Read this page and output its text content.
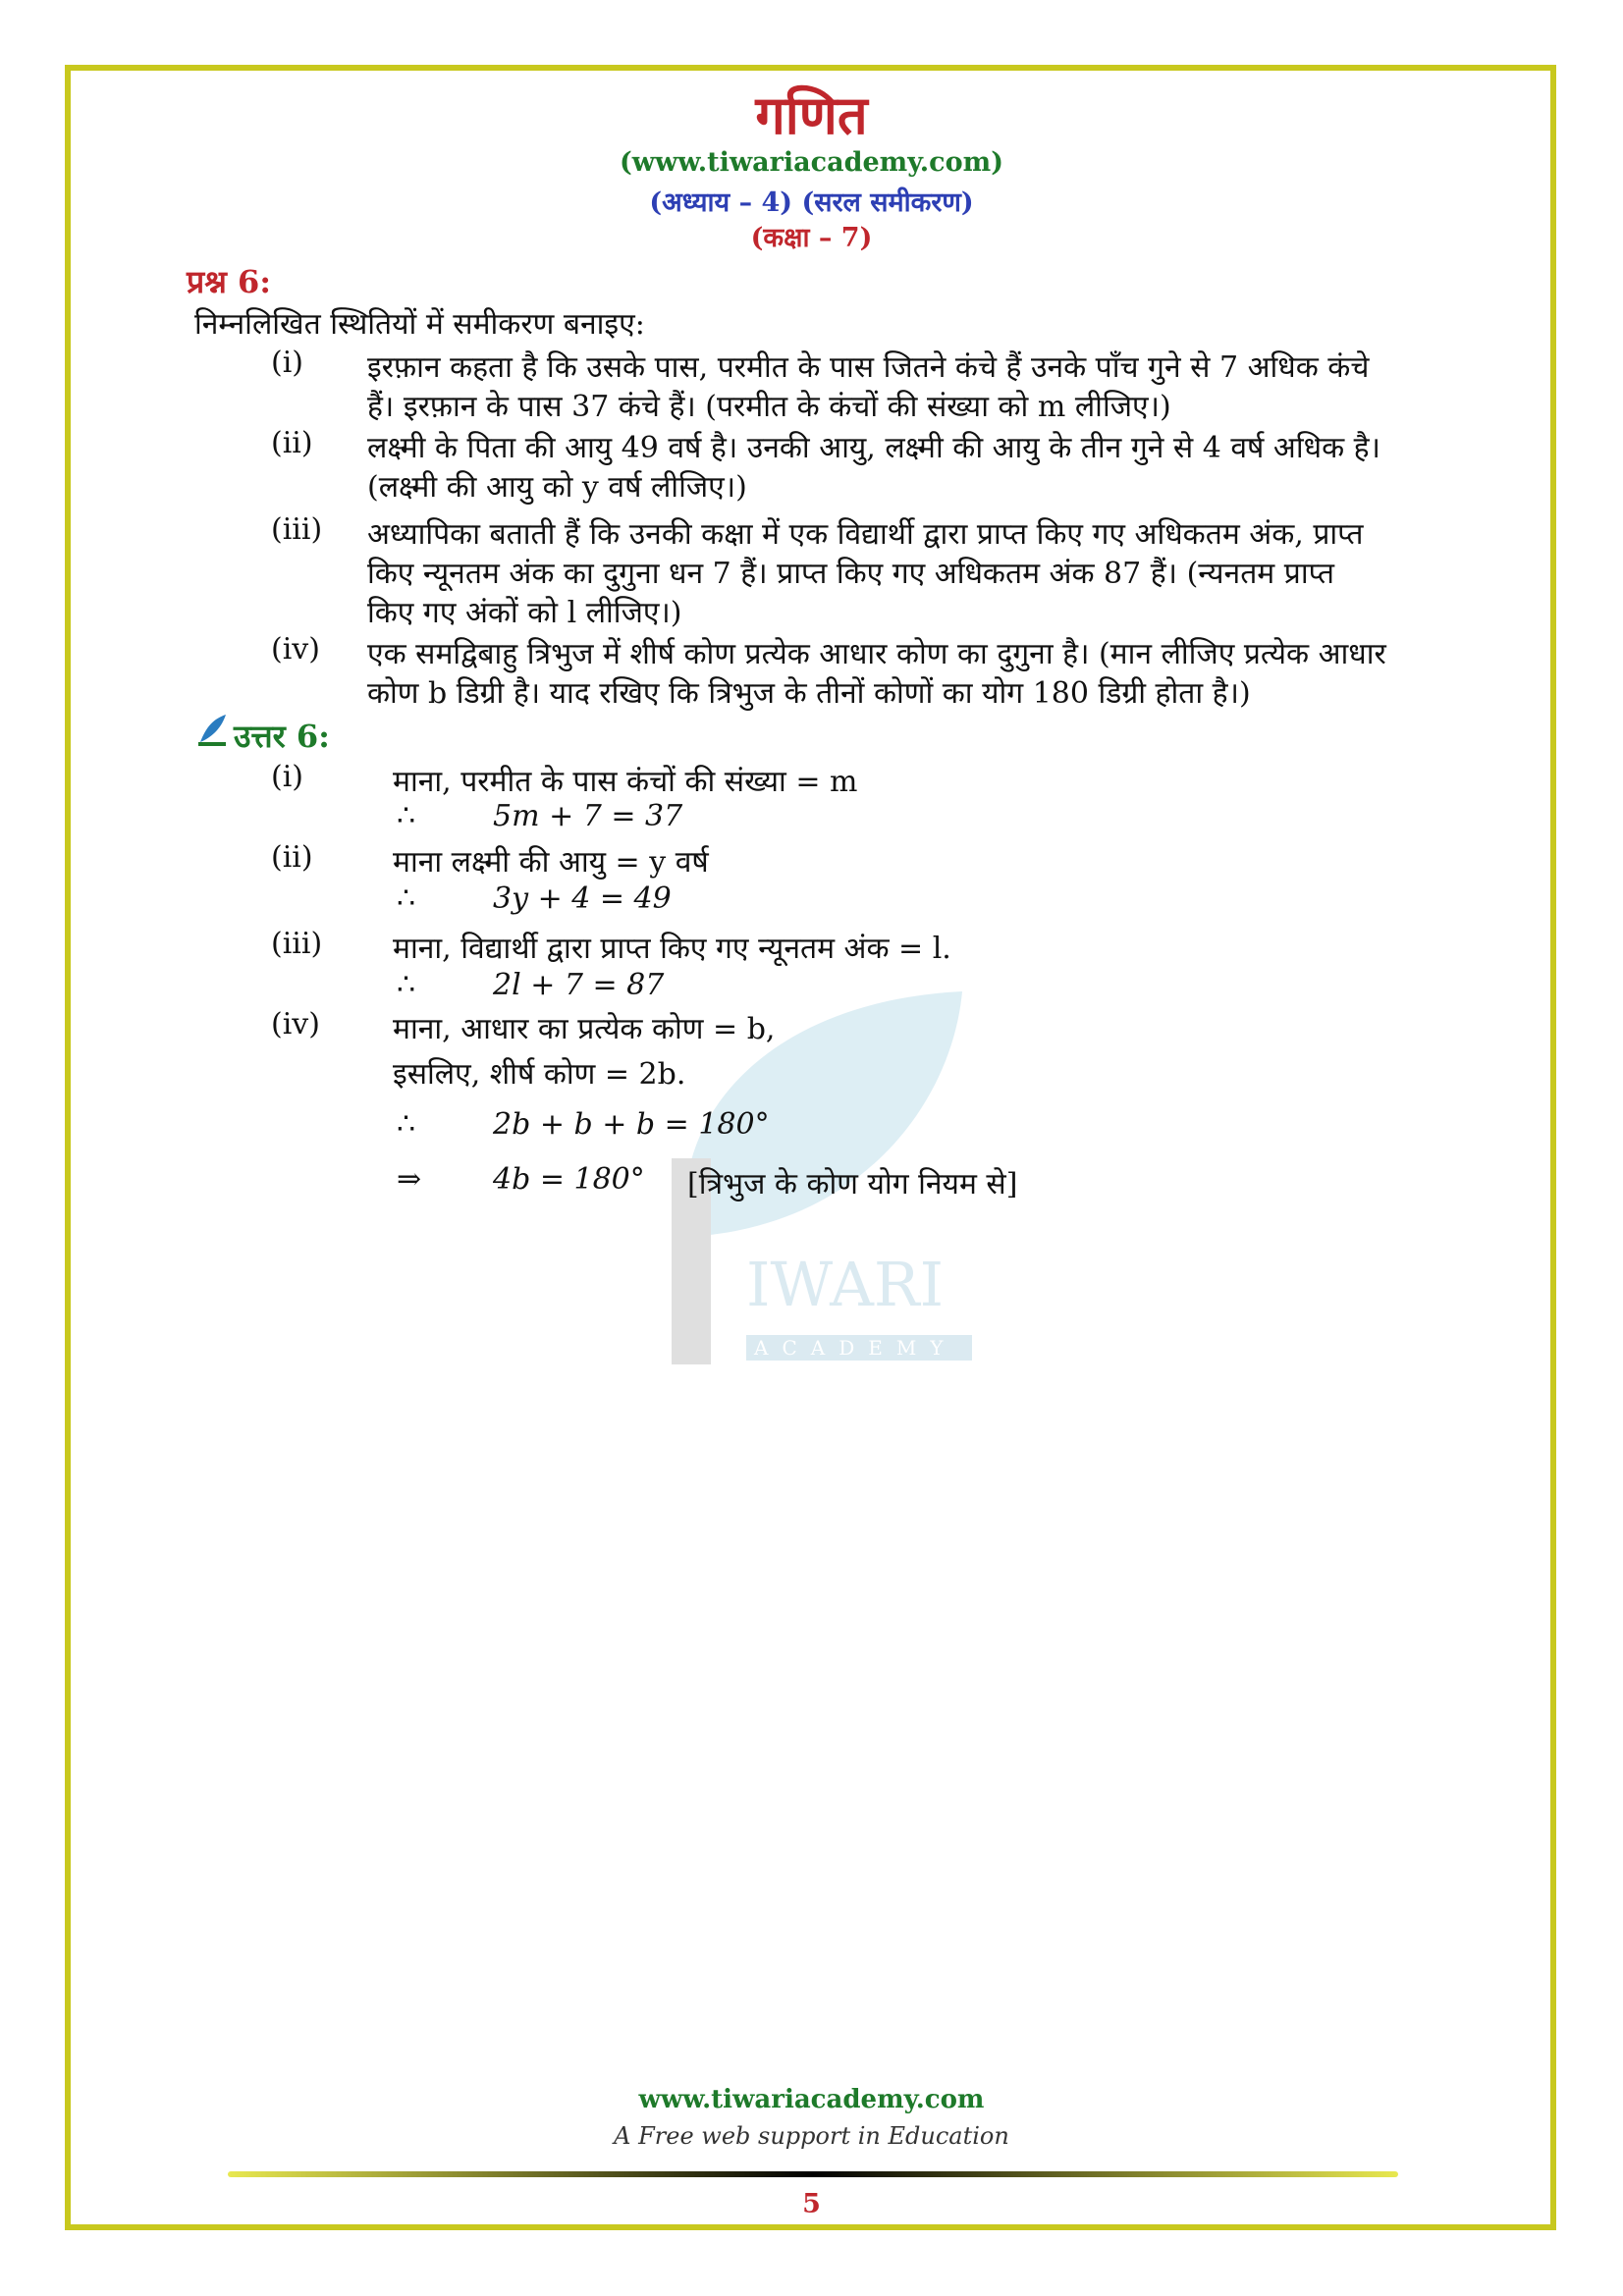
IWARI
ACADEMY
गणित
(www.tiwariacademy.com)
(अध्याय – 4) (सरल समीकरण)
(कक्षा – 7)
प्रश्न 6:
निम्नलिखित स्थितियों में समीकरण बनाइए:
(i) इरफ़ान कहता है कि उसके पास, परमीत के पास जितने कंचे हैं उनके पाँच गुने से 7 अधिक कंचे
हैं। इरफ़ान के पास 37 कंचे हैं। (परमीत के कंचों की संख्या को m लीजिए।)
(ii) लक्ष्मी के पिता की आयु 49 वर्ष है। उनकी आयु, लक्ष्मी की आयु के तीन गुने से 4 वर्ष अधिक है।
(लक्ष्मी की आयु को y वर्ष लीजिए।)
(iii) अध्यापिका बताती हैं कि उनकी कक्षा में एक विद्यार्थी द्वारा प्राप्त किए गए अधिकतम अंक, प्राप्त
किए न्यूनतम अंक का दुगुना धन 7 हैं। प्राप्त किए गए अधिकतम अंक 87 हैं। (न्यनतम प्राप्त
किए गए अंकों को l लीजिए।)
(iv) एक समद्विबाहु त्रिभुज में शीर्ष कोण प्रत्येक आधार कोण का दुगुना है। (मान लीजिए प्रत्येक आधार
कोण b डिग्री है। याद रखिए कि त्रिभुज के तीनों कोणों का योग 180 डिग्री होता है।)
उत्तर 6:
(i)	माना, परमीत के पास कंचों की संख्या = m
∴	5m + 7 = 37
(ii)	माना लक्ष्मी की आयु = y वर्ष
∴	3y + 4 = 49
(iii) माना, विद्यार्थी द्वारा प्राप्त किए गए न्यूनतम अंक = l.
∴	2l + 7 = 87
(iv) माना, आधार का प्रत्येक कोण = b,
इसलिए, शीर्ष कोण = 2b.
∴	2b + b + b = 180°
⇒ 4b = 180° [त्रिभुज के कोण योग नियम से]
www.tiwariacademy.com
A Free web support in Education
5
